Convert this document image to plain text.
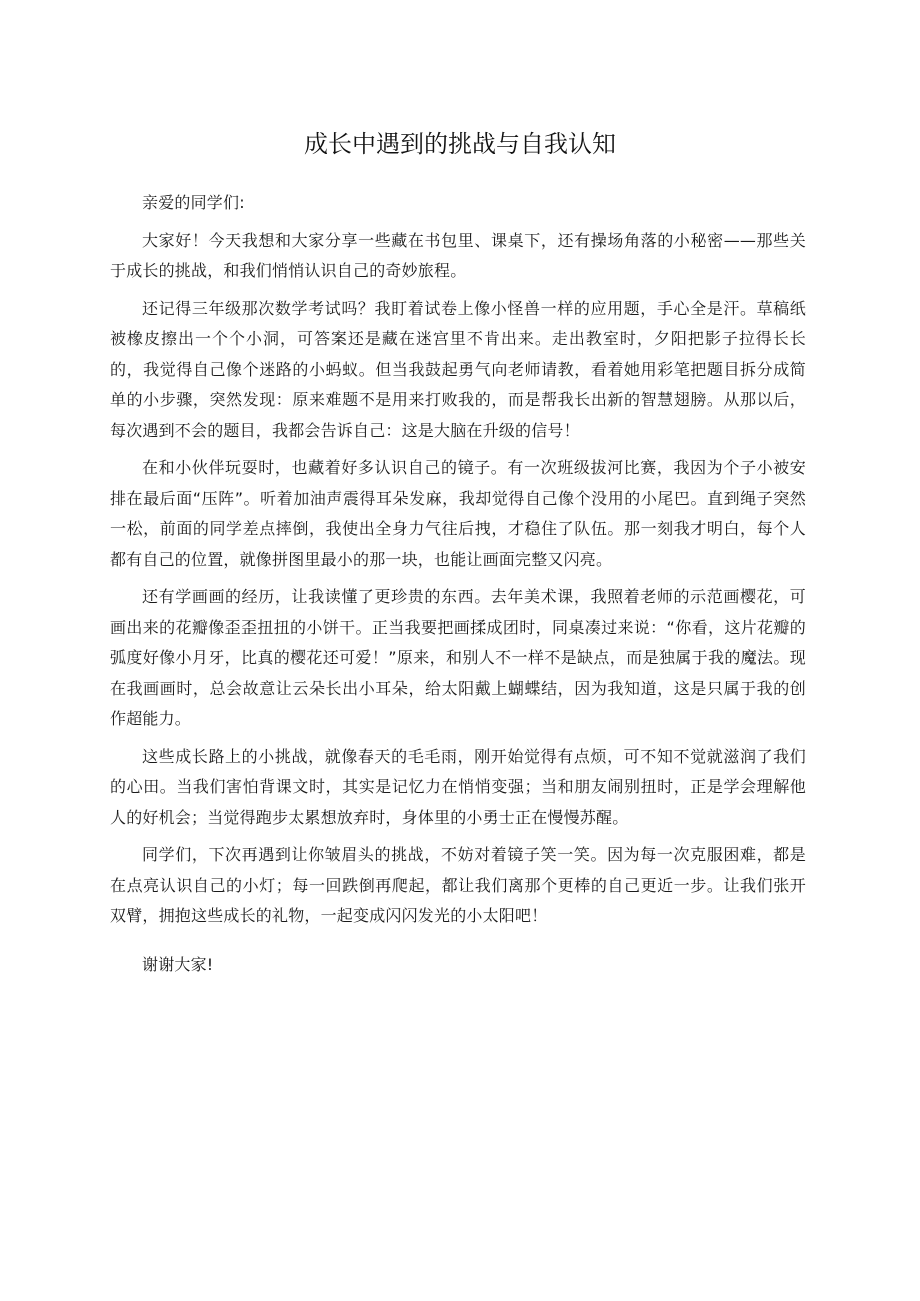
成长中遇到的挑战与自我认知

亲爱的同学们:

大家好！今天我想和大家分享一些藏在书包里、课桌下，还有操场角落的小秘密——那些关于成长的挑战，和我们悄悄认识自己的奇妙旅程。

还记得三年级那次数学考试吗？我盯着试卷上像小怪兽一样的应用题，手心全是汗。草稿纸被橡皮擦出一个个小洞，可答案还是藏在迷宫里不肯出来。走出教室时，夕阳把影子拉得长长的，我觉得自己像个迷路的小蚂蚁。但当我鼓起勇气向老师请教，看着她用彩笔把题目拆分成简单的小步骤，突然发现：原来难题不是用来打败我的，而是帮我长出新的智慧翅膀。从那以后，每次遇到不会的题目，我都会告诉自己：这是大脑在升级的信号！

在和小伙伴玩耍时，也藏着好多认识自己的镜子。有一次班级拔河比赛，我因为个子小被安排在最后面“压阵”。听着加油声震得耳朵发麻，我却觉得自己像个没用的小尾巴。直到绳子突然一松，前面的同学差点摔倒，我使出全身力气往后拽，才稳住了队伍。那一刻我才明白，每个人都有自己的位置，就像拼图里最小的那一块，也能让画面完整又闪亮。

还有学画画的经历，让我读懂了更珍贵的东西。去年美术课，我照着老师的示范画樱花，可画出来的花瓣像歪歪扭扭的小饼干。正当我要把画揉成团时，同桌凑过来说：“你看，这片花瓣的弧度好像小月牙，比真的樱花还可爱！”原来，和别人不一样不是缺点，而是独属于我的魔法。现在我画画时，总会故意让云朵长出小耳朵，给太阳戴上蝴蝶结，因为我知道，这是只属于我的创作超能力。

这些成长路上的小挑战，就像春天的毛毛雨，刚开始觉得有点烦，可不知不觉就滋润了我们的心田。当我们害怕背课文时，其实是记忆力在悄悄变强；当和朋友闹别扭时，正是学会理解他人的好机会；当觉得跑步太累想放弃时，身体里的小勇士正在慢慢苏醒。

同学们，下次再遇到让你皱眉头的挑战，不妨对着镜子笑一笑。因为每一次克服困难，都是在点亮认识自己的小灯；每一回跌倒再爬起，都让我们离那个更棒的自己更近一步。让我们张开双臂，拥抱这些成长的礼物，一起变成闪闪发光的小太阳吧！

谢谢大家!
